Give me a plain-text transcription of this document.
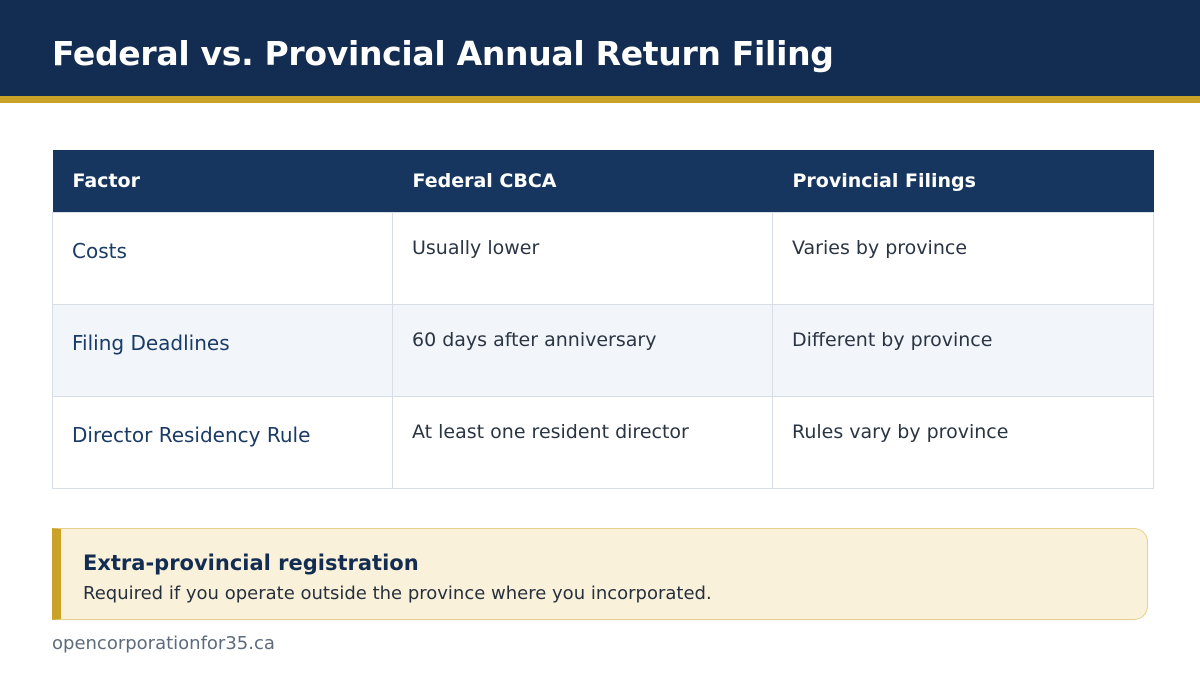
Federal vs. Provincial Annual Return Filing
Factor	Federal CBCA	Provincial Filings
Costs	Usually lower	Varies by province
Filing Deadlines	60 days after anniversary	Different by province
Director Residency Rule	At least one resident director	Rules vary by province
Extra-provincial registration
Required if you operate outside the province where you incorporated.
opencorporationfor35.ca
